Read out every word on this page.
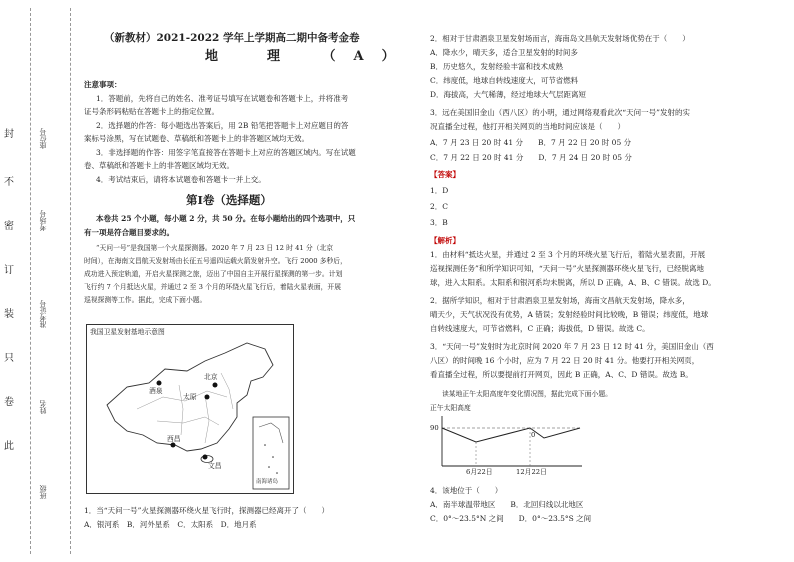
封
不
密
订
装
只
卷
此
座位号
考场号
准考证号
姓名
班级
（新教材）2021-2022 学年上学期高二期中备考金卷
地　理　（A）
注意事项：
1．答题前，先将自己的姓名、准考证号填写在试题卷和答题卡上，并将准考
证号条形码粘贴在答题卡上的指定位置。
2．选择题的作答：每小题选出答案后，用 2B 铅笔把答题卡上对应题目的答
案标号涂黑，写在试题卷、草稿纸和答题卡上的非答题区域均无效。
3．非选择题的作答：用签字笔直接答在答题卡上对应的答题区域内。写在试题
卷、草稿纸和答题卡上的非答题区域均无效。
4．考试结束后，请将本试题卷和答题卡一并上交。
第Ⅰ卷（选择题）
本卷共 25 个小题，每小题 2 分，共 50 分。在每小题给出的四个选项中，只
有一项是符合题目要求的。
“天问一号”是我国第一个火星探测器。2020 年 7 月 23 日 12 时 41 分（北京
时间），在海南文昌航天发射场由长征五号遥四运载火箭发射升空。飞行 2000 多秒后，
成功进入预定轨道，开启火星探测之旅，迈出了中国自主开展行星探测的第一步。计划
飞行约 7 个月抵达火星，并通过 2 至 3 个月的环绕火星飞行后，着陆火星表面，开展
巡视探测等工作。据此，完成下面小题。
我国卫星发射基地示意图
北京
太原
酒泉
西昌
文昌
南海诸岛
1．当“天问一号”火星探测器环绕火星飞行时，探测器已经离开了（　　）
A．银河系　B．河外星系　C．太阳系　D．地月系
2．相对于甘肃酒泉卫星发射场而言，海南岛文昌航天发射场优势在于（　　）
A．降水少，晴天多，适合卫星发射的时间多
B．历史悠久，发射经验丰富和技术成熟
C．纬度低，地球自转线速度大，可节省燃料
D．海拔高，大气稀薄，经过地球大气层距离短
3．远在美国旧金山（西八区）的小明，通过网络观看此次“天问一号”发射的实
况直播全过程，他打开相关网页的当地时间应该是（　　）
A．7 月 23 日 20 时 41 分　　B．7 月 22 日 20 时 05 分
C．7 月 22 日 20 时 41 分　　D．7 月 24 日 20 时 05 分
【答案】
1．D
2．C
3．B
【解析】
1．由材料“抵达火星，并通过 2 至 3 个月的环绕火星飞行后，着陆火星表面，开展
巡视探测任务”和所学知识可知，“天问一号”火星探测器环绕火星飞行，已经脱离地
球，进入太阳系。太阳系和银河系均未脱离，所以 D 正确，A、B、C 错误。故选 D。
2．据所学知识，相对于甘肃酒泉卫星发射场，海南文昌航天发射场，降水多，
晴天少，天气状况没有优势，A 错误；发射经验时间比较晚，B 错误；纬度低，地球
自转线速度大，可节省燃料，C 正确；海拔低，D 错误。故选 C。
3．“天问一号”发射时为北京时间 2020 年 7 月 23 日 12 时 41 分，美国旧金山（西
八区）的时间晚 16 个小时，应为 7 月 22 日 20 时 41 分。他要打开相关网页，
看直播全过程，所以要提前打开网页，因此 B 正确，A、C、D 错误。故选 B。
读某地正午太阳高度年变化情况图，据此完成下面小题。
正午太阳高度
90
0
6月22日	12月22日
4．该地位于（　　）
A．南半球温带地区　　B．北回归线以北地区
C．0°～23.5°N 之间　　D．0°～23.5°S 之间
